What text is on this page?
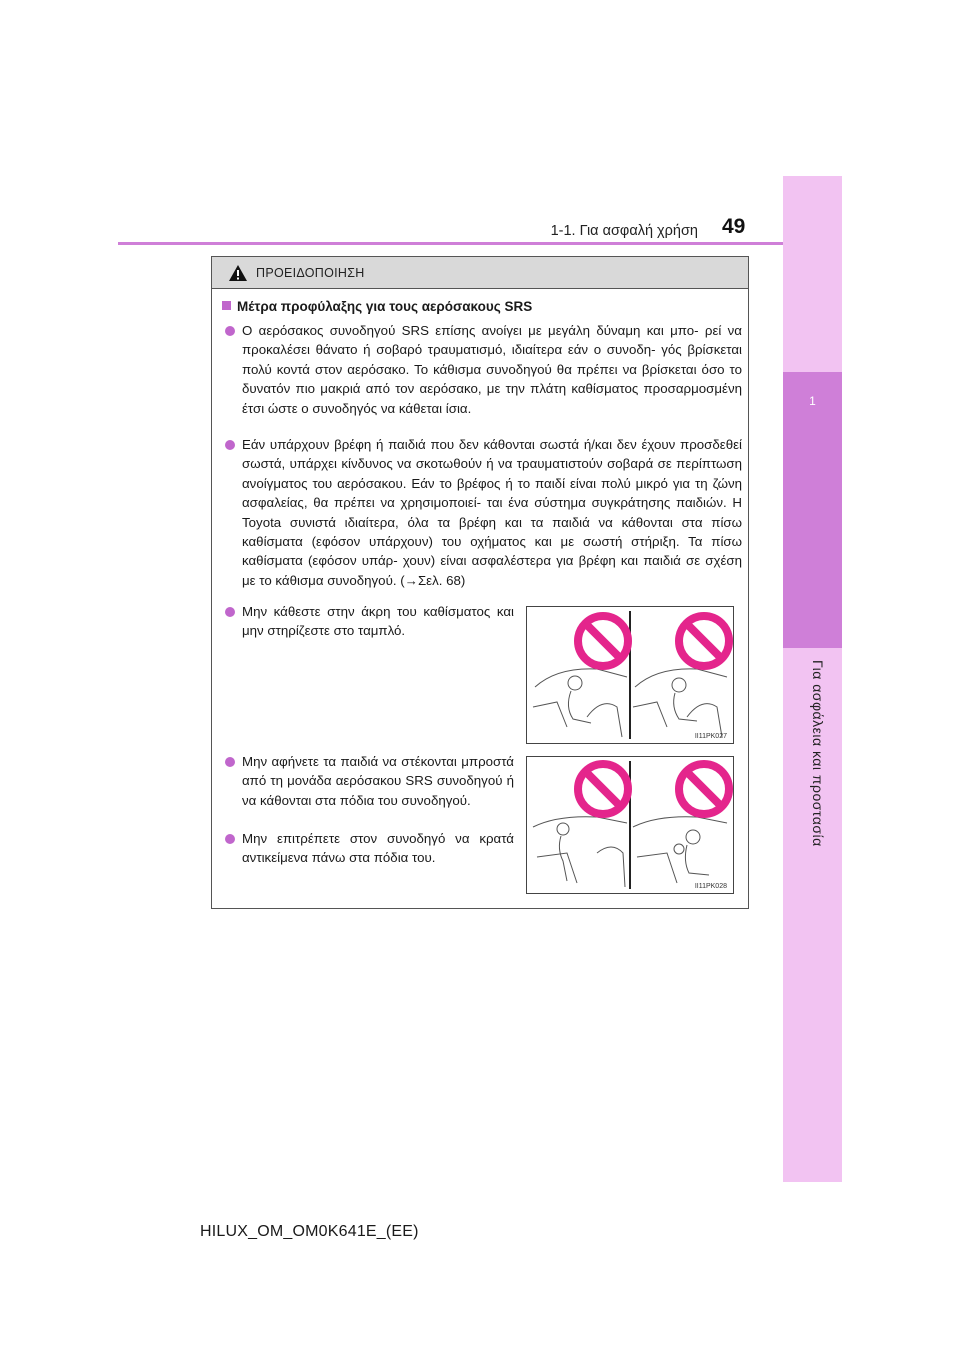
1
Για ασφάλεια και προστασία
1-1. Για ασφαλή χρήση 49
ΠΡΟΕΙΔΟΠΟΙΗΣΗ
Μέτρα προφύλαξης για τους αερόσακους SRS
Ο αερόσακος συνοδηγού SRS επίσης ανοίγει με μεγάλη δύναμη και μπο- ρεί να προκαλέσει θάνατο ή σοβαρό τραυματισμό, ιδιαίτερα εάν ο συνοδη- γός βρίσκεται πολύ κοντά στον αερόσακο. Το κάθισμα συνοδηγού θα πρέπει να βρίσκεται όσο το δυνατόν πιο μακριά από τον αερόσακο, με την πλάτη καθίσματος προσαρμοσμένη έτσι ώστε ο συνοδηγός να κάθεται ίσια.
Εάν υπάρχουν βρέφη ή παιδιά που δεν κάθονται σωστά ή/και δεν έχουν προσδεθεί σωστά, υπάρχει κίνδυνος να σκοτωθούν ή να τραυματιστούν σοβαρά σε περίπτωση ανοίγματος του αερόσακου. Εάν το βρέφος ή το παιδί είναι πολύ μικρό για τη ζώνη ασφαλείας, θα πρέπει να χρησιμοποιεί- ται ένα σύστημα συγκράτησης παιδιών. Η Toyota συνιστά ιδιαίτερα, όλα τα βρέφη και τα παιδιά να κάθονται στα πίσω καθίσματα (εφόσον υπάρχουν) του οχήματος και με σωστή στήριξη. Τα πίσω καθίσματα (εφόσον υπάρ- χουν) είναι ασφαλέστερα για βρέφη και παιδιά σε σχέση με το κάθισμα συνοδηγού. (→Σελ. 68)
Μην κάθεστε στην άκρη του καθίσματος και μην στηρίζεστε στο ταμπλό.
Μην αφήνετε τα παιδιά να στέκονται μπροστά από τη μονάδα αερόσακου SRS συνοδηγού ή να κάθονται στα πόδια του συνοδηγού.
Μην επιτρέπετε στον συνοδηγό να κρατά αντικείμενα πάνω στα πόδια του.
II11PK027
II11PK028
HILUX_OM_OM0K641E_(EE)
